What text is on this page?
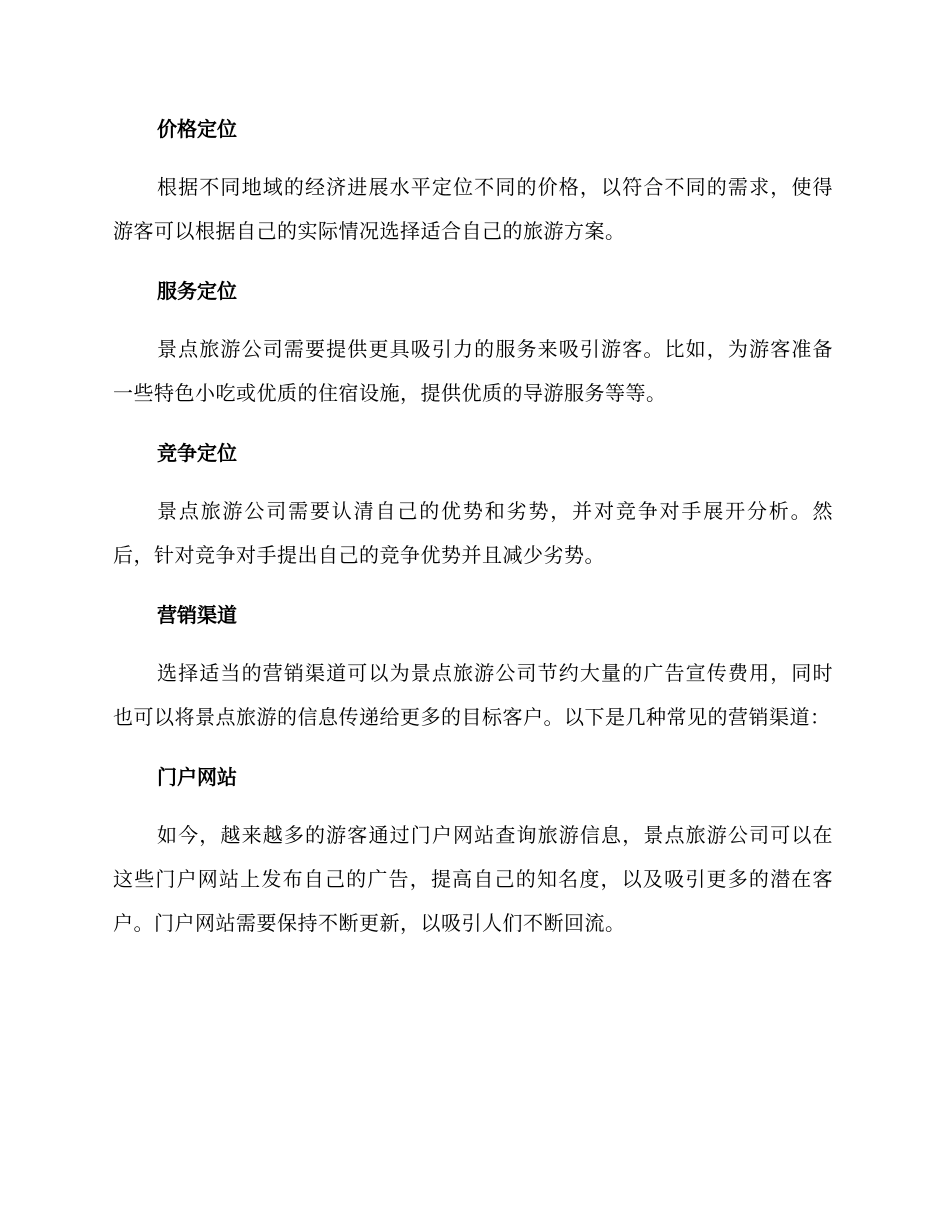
价格定位

根据不同地域的经济进展水平定位不同的价格，以符合不同的需求，使得游客可以根据自己的实际情况选择适合自己的旅游方案。

服务定位

景点旅游公司需要提供更具吸引力的服务来吸引游客。比如，为游客准备一些特色小吃或优质的住宿设施，提供优质的导游服务等等。

竞争定位

景点旅游公司需要认清自己的优势和劣势，并对竞争对手展开分析。然后，针对竞争对手提出自己的竞争优势并且减少劣势。

营销渠道

选择适当的营销渠道可以为景点旅游公司节约大量的广告宣传费用，同时也可以将景点旅游的信息传递给更多的目标客户。以下是几种常见的营销渠道：

门户网站

如今，越来越多的游客通过门户网站查询旅游信息，景点旅游公司可以在这些门户网站上发布自己的广告，提高自己的知名度，以及吸引更多的潜在客户。门户网站需要保持不断更新，以吸引人们不断回流。
